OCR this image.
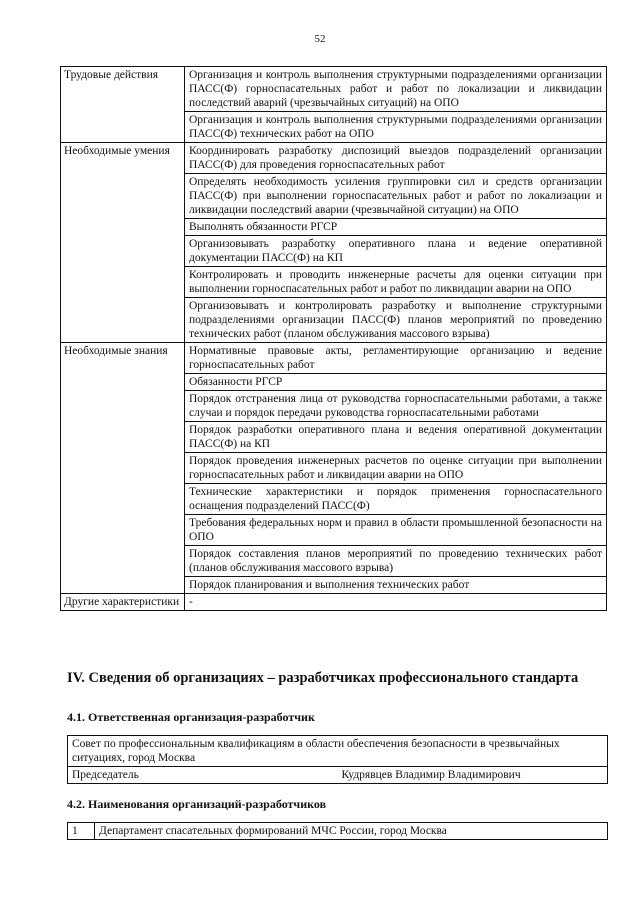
52
Трудовые действия	Организация и контроль выполнения структурными подразделениями организации ПАСС(Ф) горноспасательных работ и работ по локализации и ликвидации последствий аварий (чрезвычайных ситуаций) на ОПО
	Организация и контроль выполнения структурными подразделениями организации ПАСС(Ф) технических работ на ОПО
Необходимые умения	Координировать разработку диспозиций выездов подразделений организации ПАСС(Ф) для проведения горноспасательных работ
	Определять необходимость усиления группировки сил и средств организации ПАСС(Ф) при выполнении горноспасательных работ и работ по локализации и ликвидации последствий аварии (чрезвычайной ситуации) на ОПО
	Выполнять обязанности РГСР
	Организовывать разработку оперативного плана и ведение оперативной документации ПАСС(Ф) на КП
	Контролировать и проводить инженерные расчеты для оценки ситуации при выполнении горноспасательных работ и работ по ликвидации аварии на ОПО
	Организовывать и контролировать разработку и выполнение структурными подразделениями организации ПАСС(Ф) планов мероприятий по проведению технических работ (планом обслуживания массового взрыва)
Необходимые знания	Нормативные правовые акты, регламентирующие организацию и ведение горноспасательных работ
	Обязанности РГСР
	Порядок отстранения лица от руководства горноспасательными работами, а также случаи и порядок передачи руководства горноспасательными работами
	Порядок разработки оперативного плана и ведения оперативной документации ПАСС(Ф) на КП
	Порядок проведения инженерных расчетов по оценке ситуации при выполнении горноспасательных работ и ликвидации аварии на ОПО
	Технические характеристики и порядок применения горноспасательного оснащения подразделений ПАСС(Ф)
	Требования федеральных норм и правил в области промышленной безопасности на ОПО
	Порядок составления планов мероприятий по проведению технических работ (планов обслуживания массового взрыва)
	Порядок планирования и выполнения технических работ
Другие характеристики	-
IV. Сведения об организациях – разработчиках профессионального стандарта
4.1. Ответственная организация-разработчик
Совет по профессиональным квалификациям в области обеспечения безопасности в чрезвычайных ситуациях, город Москва
Председатель	Кудрявцев Владимир Владимирович
4.2. Наименования организаций-разработчиков
1	Департамент спасательных формирований МЧС России, город Москва
